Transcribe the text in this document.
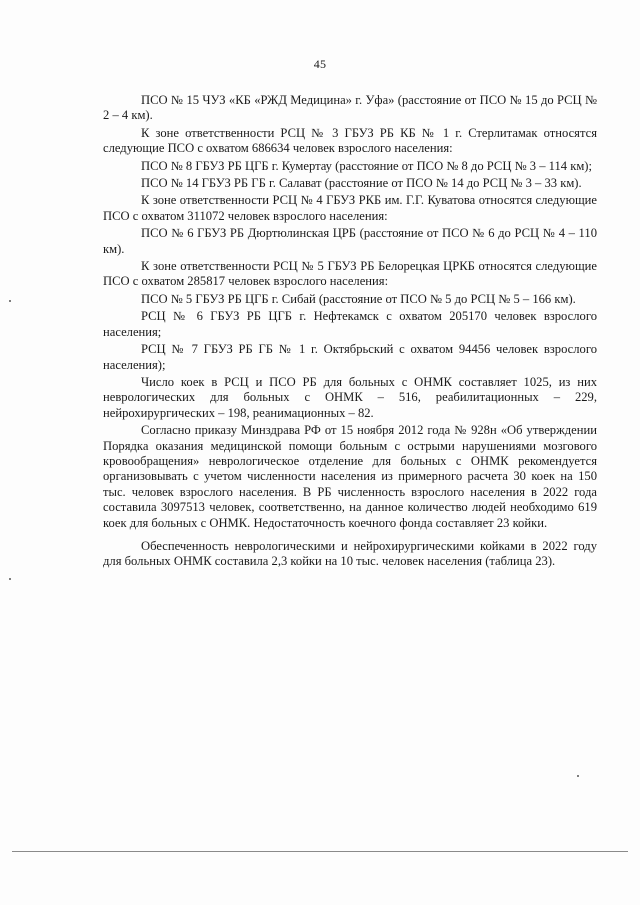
45

ПСО № 15 ЧУЗ «КБ «РЖД Медицина» г. Уфа» (расстояние от ПСО № 15 до РСЦ № 2 – 4 км).

К зоне ответственности РСЦ № 3 ГБУЗ РБ КБ № 1 г. Стерлитамак относятся следующие ПСО с охватом 686634 человек взрослого населения:

ПСО № 8 ГБУЗ РБ ЦГБ г. Кумертау (расстояние от ПСО № 8 до РСЦ № 3 – 114 км);

ПСО № 14 ГБУЗ РБ ГБ г. Салават (расстояние от ПСО № 14 до РСЦ № 3 – 33 км).

К зоне ответственности РСЦ № 4 ГБУЗ РКБ им. Г.Г. Куватова относятся следующие ПСО с охватом 311072 человек взрослого населения:

ПСО № 6 ГБУЗ РБ Дюртюлинская ЦРБ (расстояние от ПСО № 6 до РСЦ № 4 – 110 км).

К зоне ответственности РСЦ № 5 ГБУЗ РБ Белорецкая ЦРКБ относятся следующие ПСО с охватом 285817 человек взрослого населения:

ПСО № 5 ГБУЗ РБ ЦГБ г. Сибай (расстояние от ПСО № 5 до РСЦ № 5 – 166 км).

РСЦ № 6 ГБУЗ РБ ЦГБ г. Нефтекамск с охватом 205170 человек взрослого населения;

РСЦ № 7 ГБУЗ РБ ГБ № 1 г. Октябрьский с охватом 94456 человек взрослого населения);

Число коек в РСЦ и ПСО РБ для больных с ОНМК составляет 1025, из них неврологических для больных с ОНМК – 516, реабилитационных – 229, нейрохирургических – 198, реанимационных – 82.

Согласно приказу Минздрава РФ от 15 ноября 2012 года № 928н «Об утверждении Порядка оказания медицинской помощи больным с острыми нарушениями мозгового кровообращения» неврологическое отделение для больных с ОНМК рекомендуется организовывать с учетом численности населения из примерного расчета 30 коек на 150 тыс. человек взрослого населения. В РБ численность взрослого населения в 2022 года составила 3097513 человек, соответственно, на данное количество людей необходимо 619 коек для больных с ОНМК. Недостаточность коечного фонда составляет 23 койки.

Обеспеченность неврологическими и нейрохирургическими койками в 2022 году для больных ОНМК составила 2,3 койки на 10 тыс. человек населения (таблица 23).
